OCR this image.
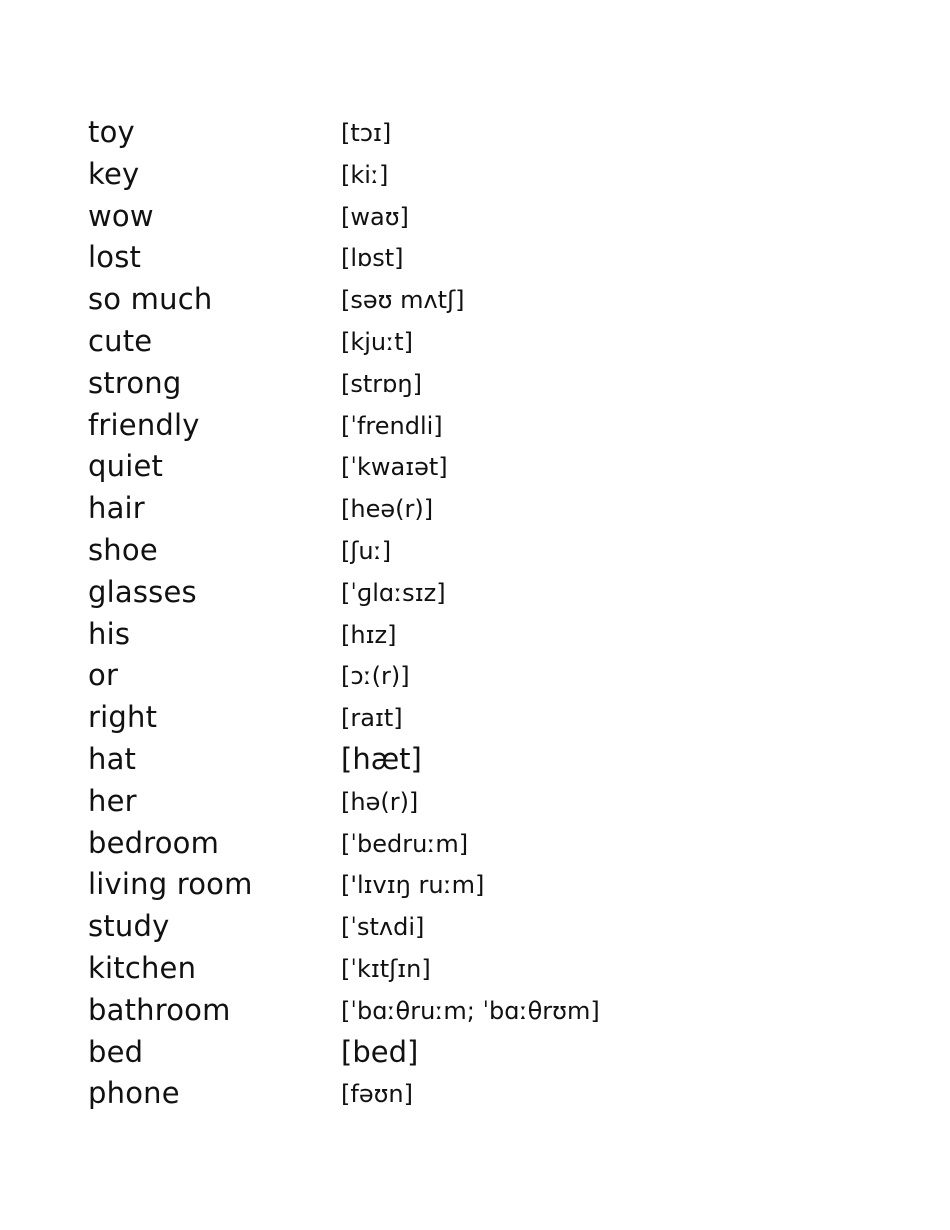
toy	[tɔɪ]
key	[kiː]
wow	[waʊ]
lost	[lɒst]
so much	[səʊ mʌtʃ]
cute	[kjuːt]
strong	[strɒŋ]
friendly	[ˈfrendli]
quiet	[ˈkwaɪət]
hair	[heə(r)]
shoe	[ʃuː]
glasses	[ˈɡlɑːsɪz]
his	[hɪz]
or	[ɔː(r)]
right	[raɪt]
hat	[hæt]
her	[hə(r)]
bedroom	[ˈbedruːm]
living room	['lɪvɪŋ ruːm]
study	[ˈstʌdi]
kitchen	[ˈkɪtʃɪn]
bathroom	[ˈbɑːθruːm; ˈbɑːθrʊm]
bed	[bed]
phone	[fəʊn]
